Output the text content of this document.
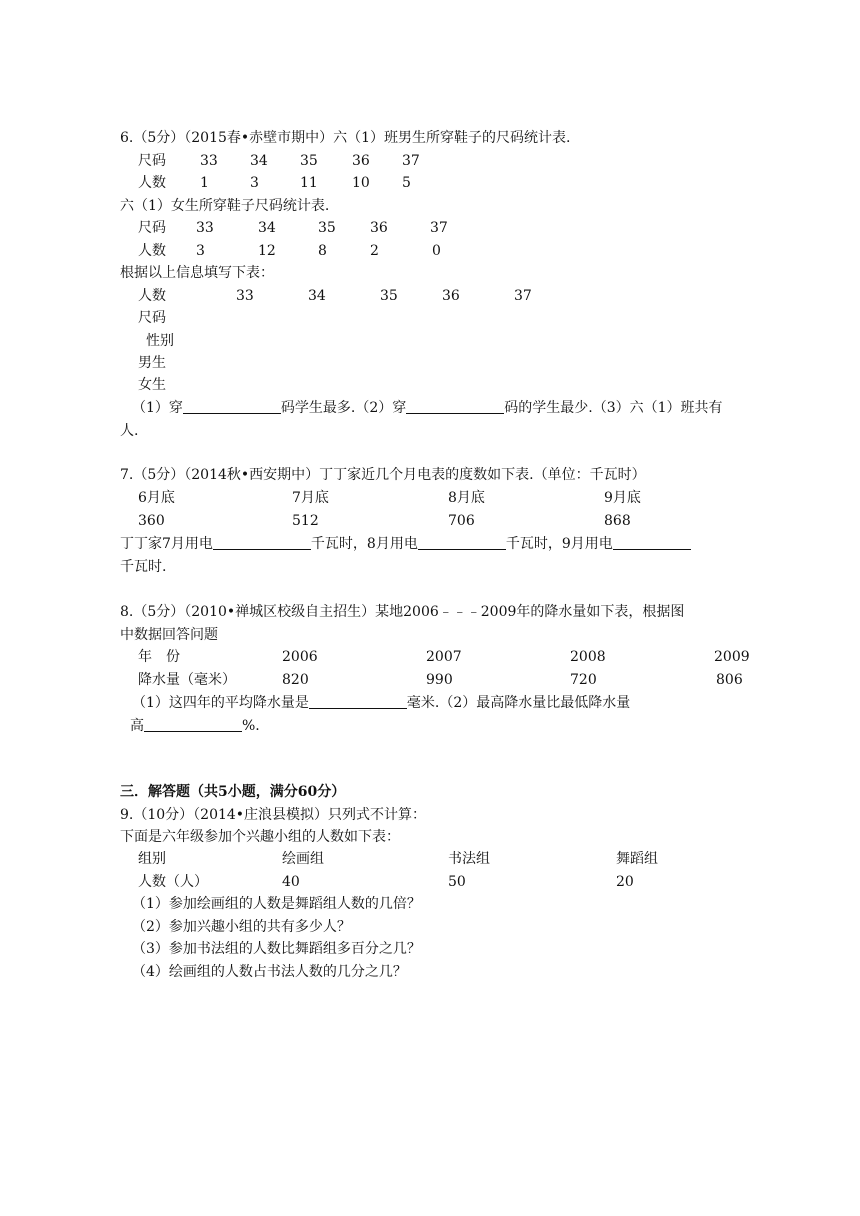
6.（5分）（2015春•赤壁市期中）六（1）班男生所穿鞋子的尺码统计表.
尺码 33 34 35 36 37
人数 1	3	11 10 5
六（1）女生所穿鞋子尺码统计表.
尺码 33	34	35 36	37
人数 3	12	8	2	0
根据以上信息填写下表：
人数	33	34	35	36	37
尺码
性别
男生
女生
（1）穿	码学生最多.（2）穿	码的学生最少.（3）六（1）班共有
人.
7.（5分）（2014秋•西安期中）丁丁家近几个月电表的度数如下表.（单位：千瓦时）
6月底	7月底	8月底	9月底
360	512	706	868
丁丁家7月用电	千瓦时，8月用电	千瓦时，9月用电
千瓦时.
8.（5分）（2010•禅城区校级自主招生）某地2006﹣﹣﹣2009年的降水量如下表，根据图
中数据回答问题
年　份	2006	2007	2008	2009
降水量（毫米）	820	990	720	806
（1）这四年的平均降水量是	毫米.（2）最高降水量比最低降水量
高	%.
三．解答题（共5小题，满分60分）
9.（10分）（2014•庄浪县模拟）只列式不计算：
下面是六年级参加个兴趣小组的人数如下表：
组别	绘画组	书法组	舞蹈组
人数（人）	40	50	20
（1）参加绘画组的人数是舞蹈组人数的几倍？
（2）参加兴趣小组的共有多少人？
（3）参加书法组的人数比舞蹈组多百分之几？
（4）绘画组的人数占书法人数的几分之几？
